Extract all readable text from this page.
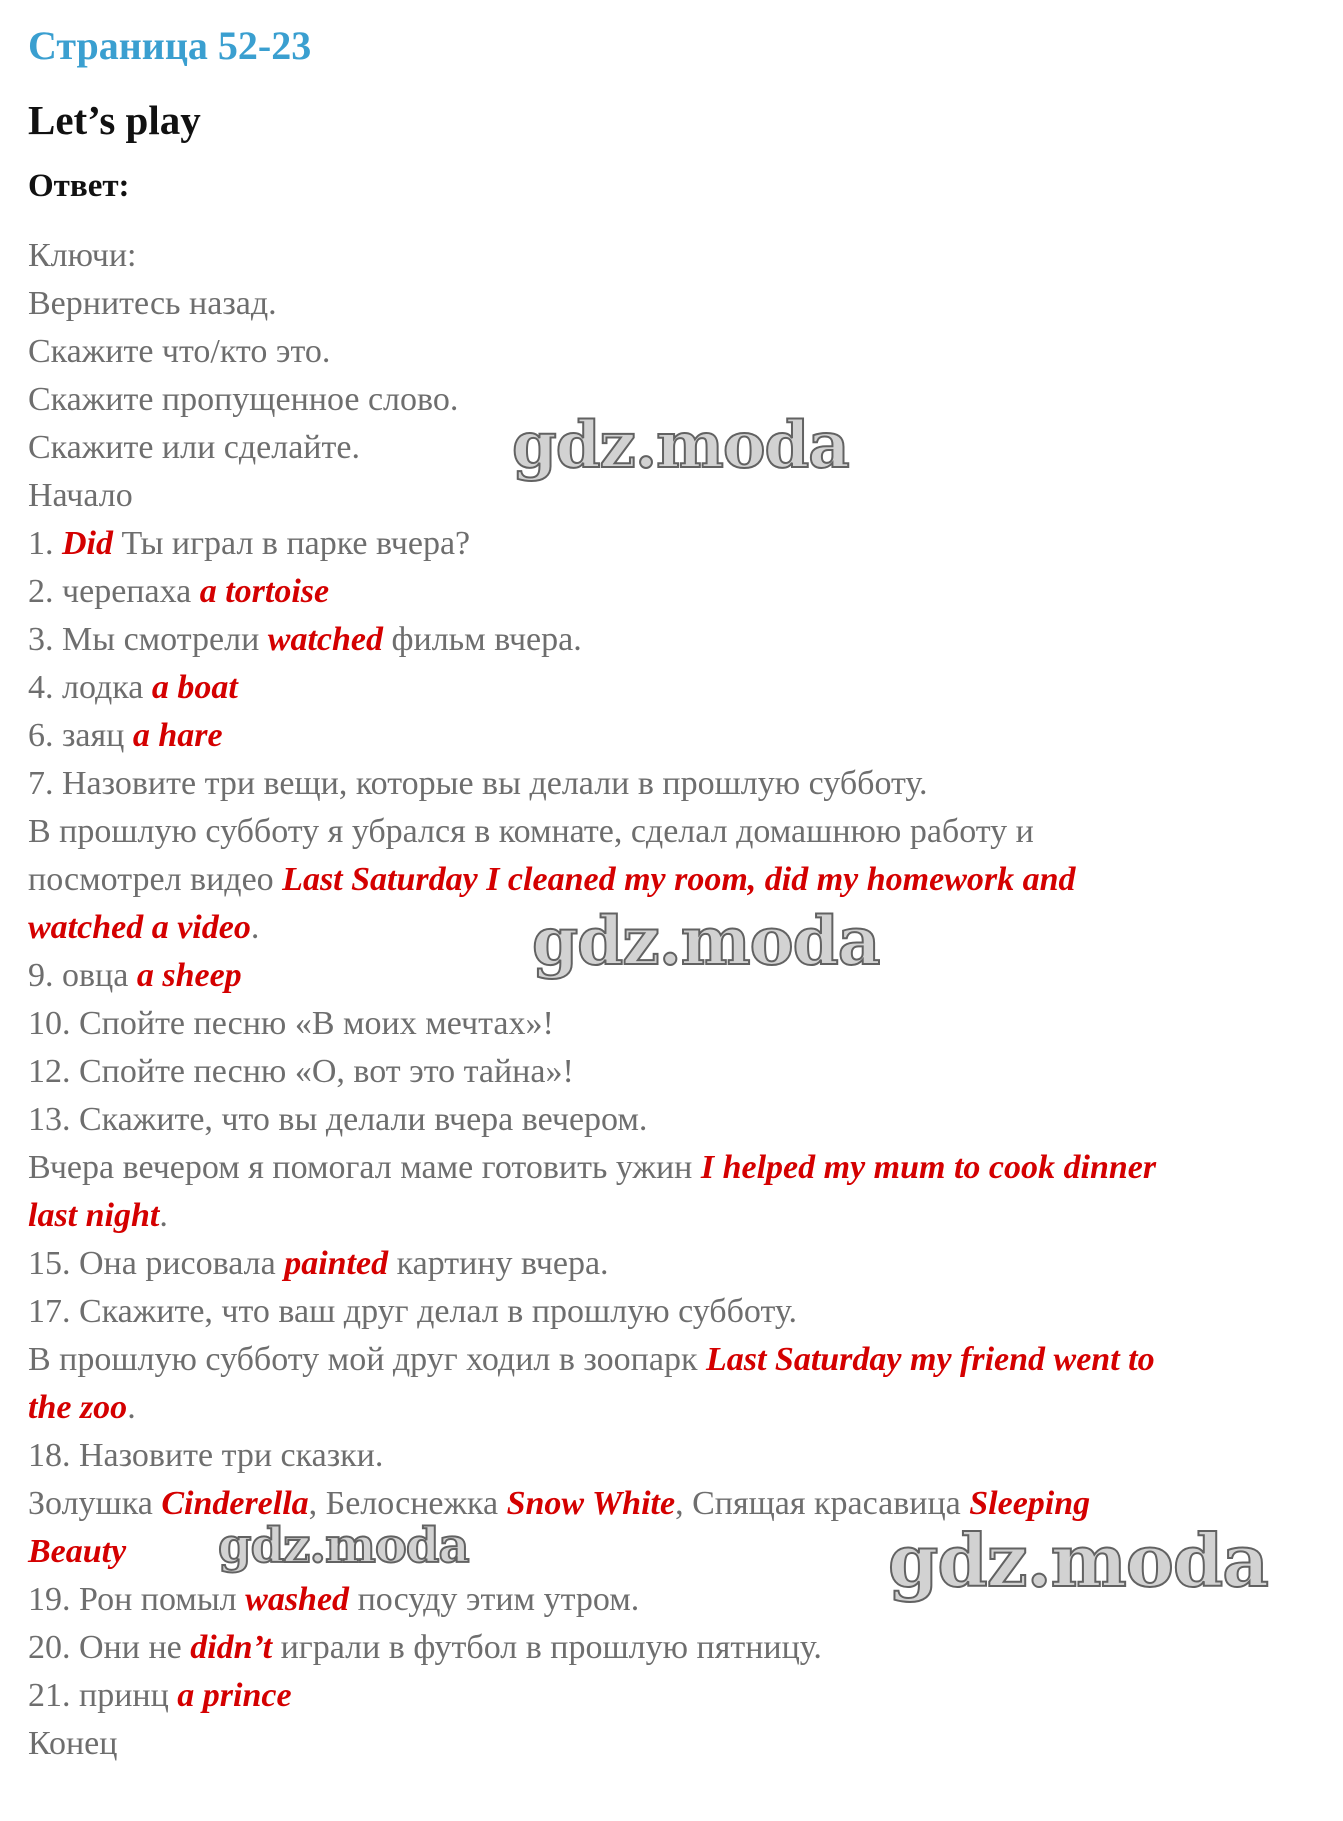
Страница 52-23
Let’s play
Ответ:
Ключи:
Вернитесь назад.
Скажите что/кто это.
Скажите пропущенное слово.
Скажите или сделайте.
Начало
1. Did Ты играл в парке вчера?
2. черепаха a tortoise
3. Мы смотрели watched фильм вчера.
4. лодка a boat
6. заяц a hare
7. Назовите три вещи, которые вы делали в прошлую субботу.
В прошлую субботу я убрался в комнате, сделал домашнюю работу и
посмотрел видео Last Saturday I cleaned my room, did my homework and
watched a video.
9. овца a sheep
10. Спойте песню «В моих мечтах»!
12. Спойте песню «О, вот это тайна»!
13. Скажите, что вы делали вчера вечером.
Вчера вечером я помогал маме готовить ужин I helped my mum to cook dinner
last night.
15. Она рисовала painted картину вчера.
17. Скажите, что ваш друг делал в прошлую субботу.
В прошлую субботу мой друг ходил в зоопарк Last Saturday my friend went to
the zoo.
18. Назовите три сказки.
Золушка Cinderella, Белоснежка Snow White, Спящая красавица Sleeping
Beauty
19. Рон помыл washed посуду этим утром.
20. Они не didn’t играли в футбол в прошлую пятницу.
21. принц a prince
Конец
gdz.moda
gdz.moda
gdz.moda	gdz.moda
